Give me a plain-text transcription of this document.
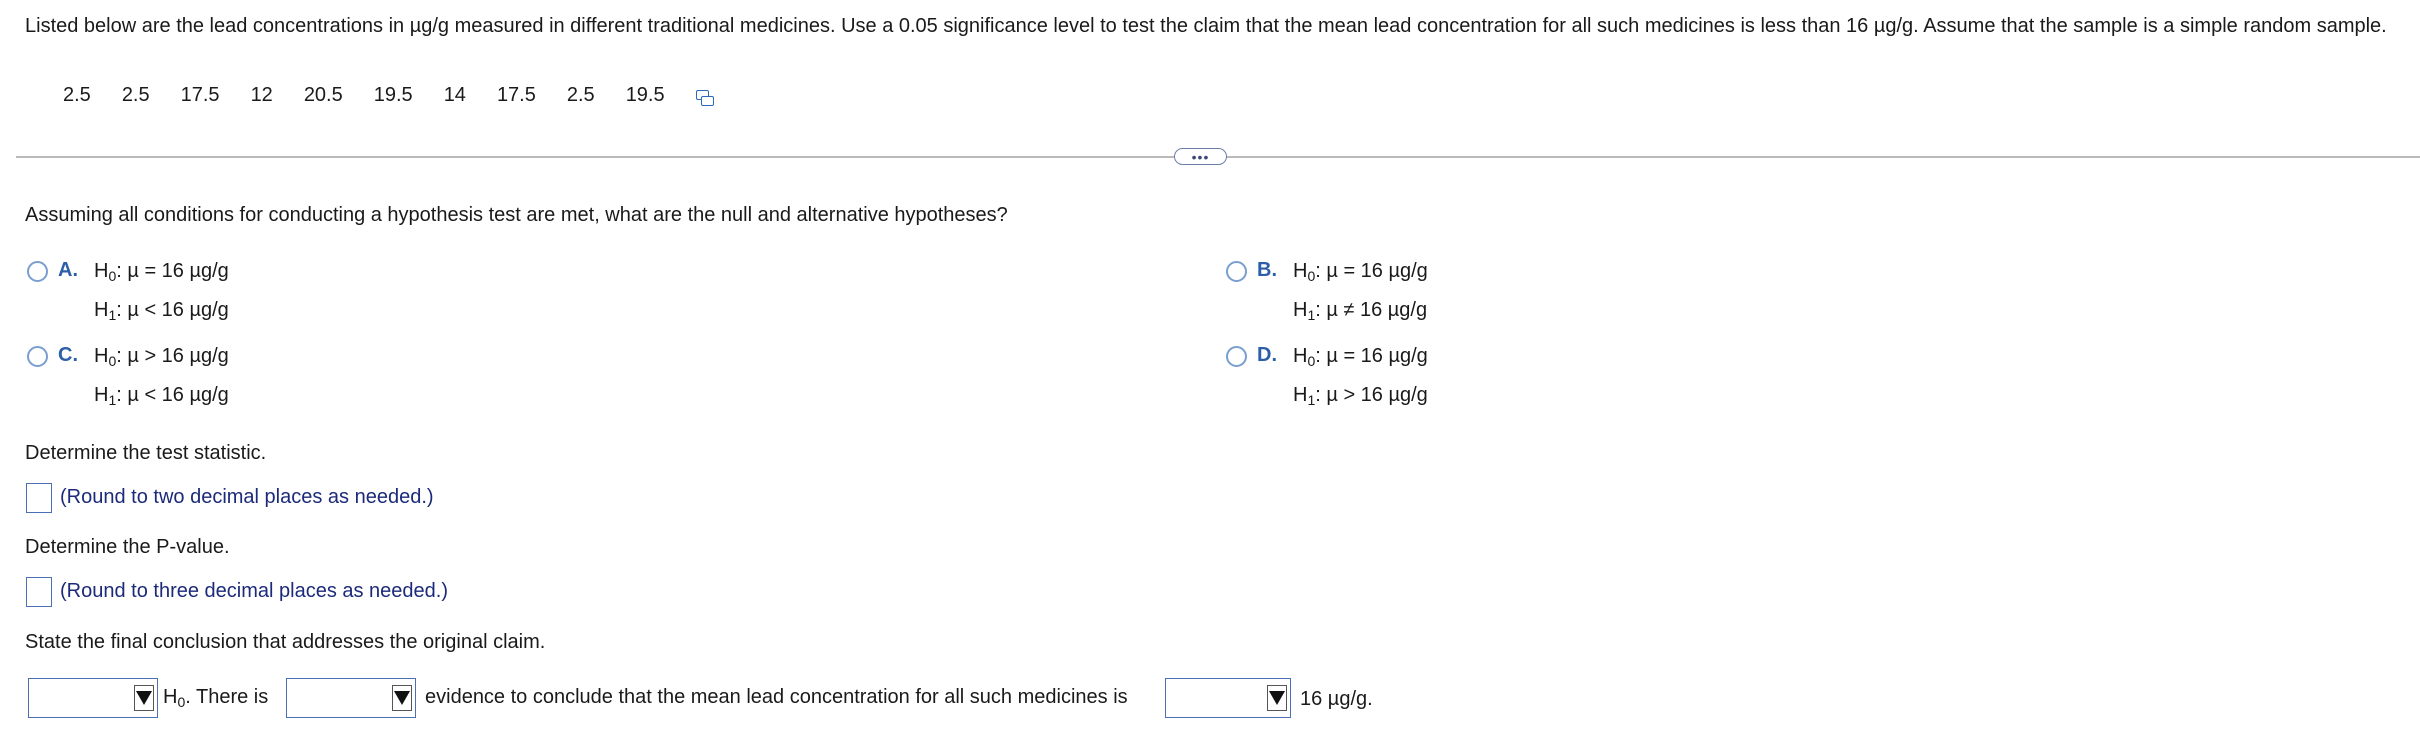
Listed below are the lead concentrations in µg/g measured in different traditional medicines. Use a 0.05 significance level to test the claim that the mean lead concentration for all such medicines is less than 16 µg/g. Assume that the sample is a simple random sample.
2.5 2.5 17.5 12 20.5 19.5 14 17.5 2.5 19.5
•••
Assuming all conditions for conducting a hypothesis test are met, what are the null and alternative hypotheses?
A. $H_0$: µ = 16 µg/g
$H_1$: µ < 16 µg/g
B. $H_0$: µ = 16 µg/g
$H_1$: µ ≠ 16 µg/g
C. $H_0$: µ > 16 µg/g
$H_1$: µ < 16 µg/g
D. $H_0$: µ = 16 µg/g
$H_1$: µ > 16 µg/g
Determine the test statistic.
(Round to two decimal places as needed.)
Determine the P-value.
(Round to three decimal places as needed.)
State the final conclusion that addresses the original claim.
$H_0$. There is	evidence to conclude that the mean lead concentration for all such medicines is	16 µg/g.
